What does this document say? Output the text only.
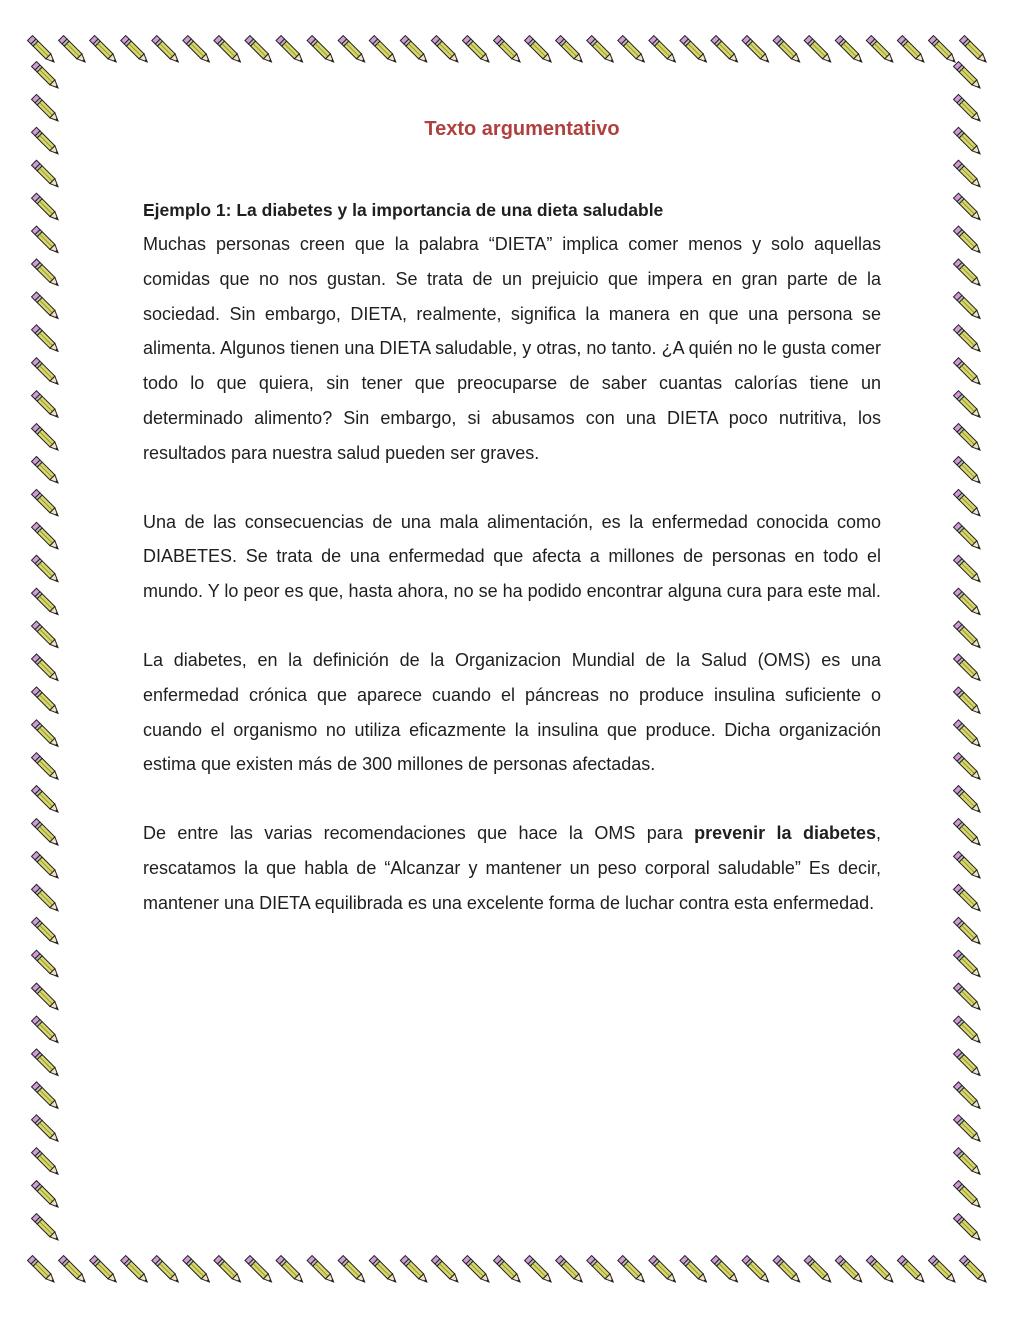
Texto argumentativo
Ejemplo 1: La diabetes y la importancia de una dieta saludable

Muchas personas creen que la palabra “DIETA” implica comer menos y solo aquellas comidas que no nos gustan. Se trata de un prejuicio que impera en gran parte de la sociedad. Sin embargo, DIETA, realmente, significa la manera en que una persona se alimenta. Algunos tienen una DIETA saludable, y otras, no tanto. ¿A quién no le gusta comer todo lo que quiera, sin tener que preocuparse de saber cuantas calorías tiene un determinado alimento? Sin embargo, si abusamos con una DIETA poco nutritiva, los resultados para nuestra salud pueden ser graves.

Una de las consecuencias de una mala alimentación, es la enfermedad conocida como DIABETES. Se trata de una enfermedad que afecta a millones de personas en todo el mundo. Y lo peor es que, hasta ahora, no se ha podido encontrar alguna cura para este mal.

La diabetes, en la definición de la Organizacion Mundial de la Salud (OMS) es una enfermedad crónica que aparece cuando el páncreas no produce insulina suficiente o cuando el organismo no utiliza eficazmente la insulina que produce. Dicha organización estima que existen más de 300 millones de personas afectadas.

De entre las varias recomendaciones que hace la OMS para prevenir la diabetes, rescatamos la que habla de “Alcanzar y mantener un peso corporal saludable” Es decir, mantener una DIETA equilibrada es una excelente forma de luchar contra esta enfermedad.
